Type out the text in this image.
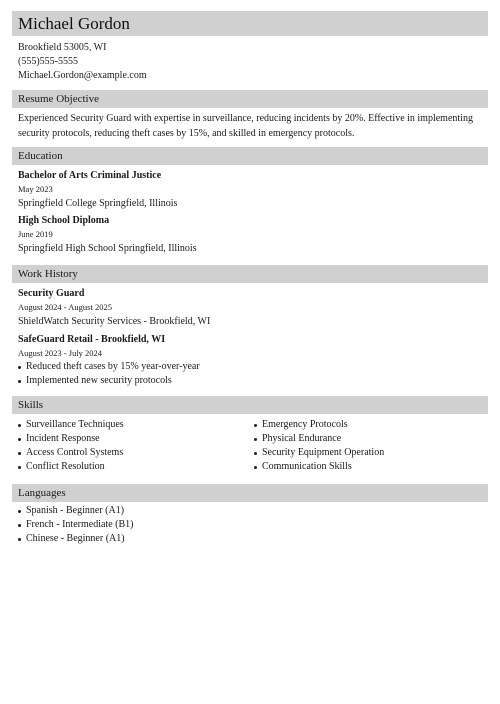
Michael Gordon
Brookfield 53005, WI
(555)555-5555
Michael.Gordon@example.com
Resume Objective
Experienced Security Guard with expertise in surveillance, reducing incidents by 20%. Effective in implementing security protocols, reducing theft cases by 15%, and skilled in emergency protocols.
Education
Bachelor of Arts Criminal Justice
May 2023
Springfield College Springfield, Illinois
High School Diploma
June 2019
Springfield High School Springfield, Illinois
Work History
Security Guard
August 2024 - August 2025
ShieldWatch Security Services - Brookfield, WI
SafeGuard Retail - Brookfield, WI
August 2023 - July 2024
Reduced theft cases by 15% year-over-year
Implemented new security protocols
Skills
Surveillance Techniques
Incident Response
Access Control Systems
Conflict Resolution
Emergency Protocols
Physical Endurance
Security Equipment Operation
Communication Skills
Languages
Spanish - Beginner (A1)
French - Intermediate (B1)
Chinese - Beginner (A1)
